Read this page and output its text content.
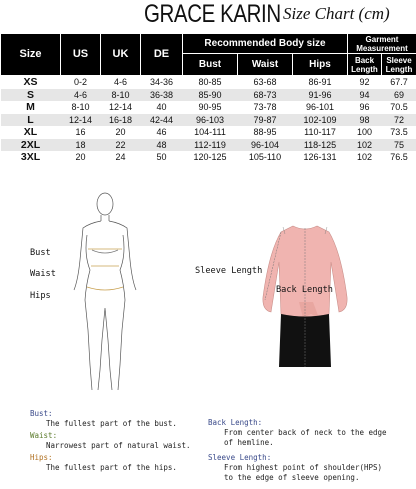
GRACE KARIN Size Chart (cm)
Size	US	UK	DE	Recommended Body size			Garment Measurement	
				Bust	Waist	Hips	Back Length	Sleeve Length
XS	0-2	4-6	34-36	80-85	63-68	86-91	92	67.7
S	4-6	8-10	36-38	85-90	68-73	91-96	94	69
M	8-10	12-14	40	90-95	73-78	96-101	96	70.5
L	12-14	16-18	42-44	96-103	79-87	102-109	98	72
XL	16	20	46	104-111	88-95	110-117	100	73.5
2XL	18	22	48	112-119	96-104	118-125	102	75
3XL	20	24	50	120-125	105-110	126-131	102	76.5
Bust
Waist
Hips
Sleeve Length
Back Length
Bust:
The fullest part of the bust.
Waist:
Narrowest part of natural waist.
Hips:
The fullest part of the hips.
Back Length:
From center back of neck to the edge
of hemline.
Sleeve Length:
From highest point of shoulder(HPS)
to the edge of sleeve opening.
